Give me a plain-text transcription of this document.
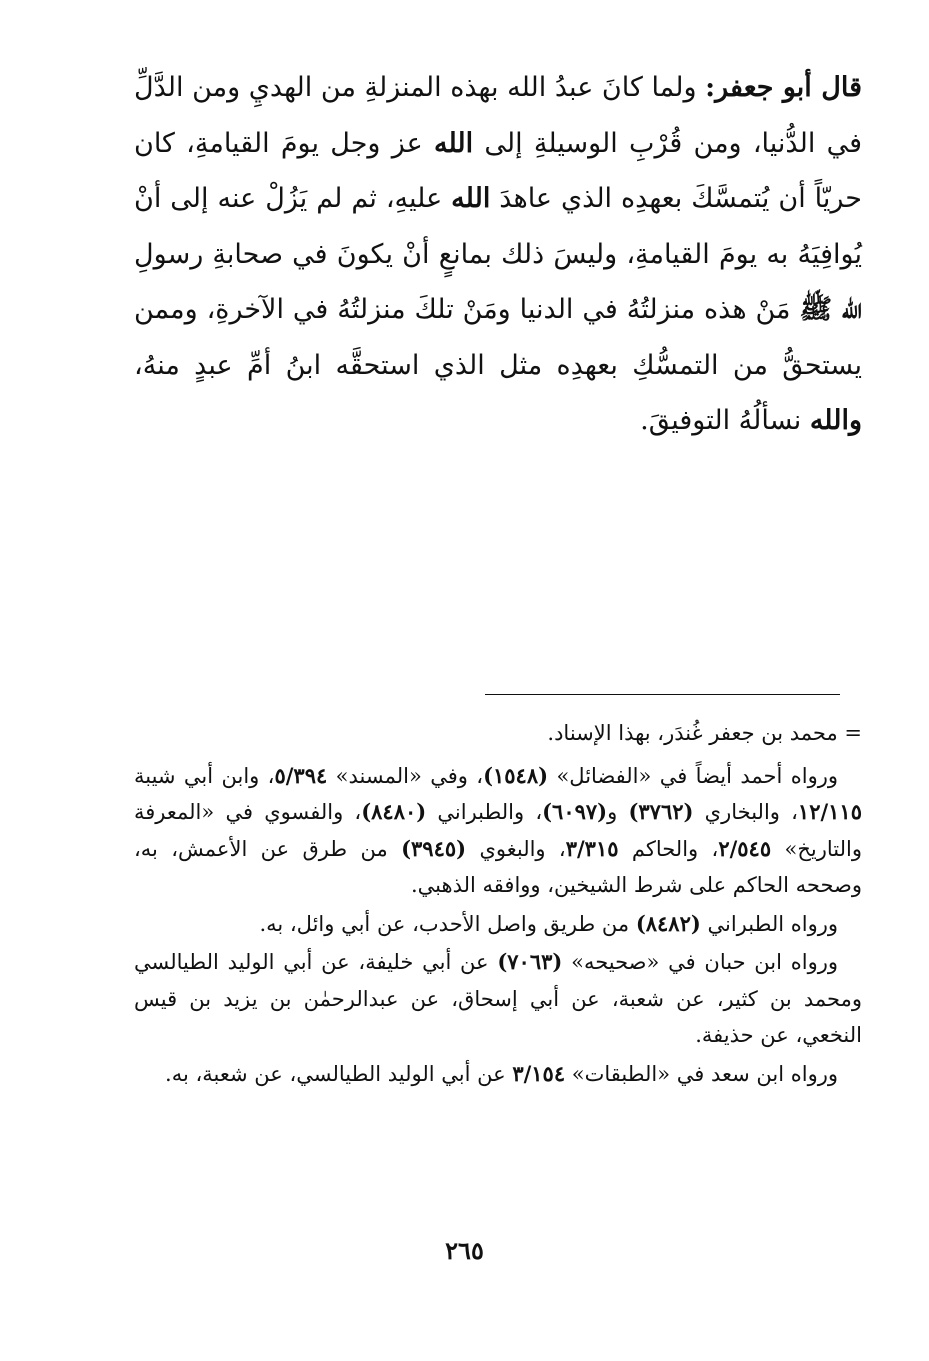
قال أبو جعفر: ولما كانَ عبدُ الله بهذه المنزلةِ من الهديِ ومن الدَّلِّ في الدُّنيا، ومن قُرْبِ الوسيلةِ إلى الله عز وجل يومَ القيامةِ، كان حريّاً أن يُتمسَّكَ بعهدِه الذي عاهدَ الله عليهِ، ثم لم يَزُلْ عنه إلى أنْ يُوافِيَهُ به يومَ القيامةِ، وليسَ ذلك بمانعٍ أنْ يكونَ في صحابةِ رسولِ الله ﷺ مَنْ هذه منزلتُهُ في الدنيا ومَنْ تلكَ منزلتُهُ في الآخرةِ، وممن يستحقُّ من التمسُّكِ بعهدِه مثل الذي استحقَّه ابنُ أمِّ عبدٍ منهُ، والله نسألُهُ التوفيقَ.

= محمد بن جعفر غُندَر، بهذا الإسناد.

ورواه أحمد أيضاً في «الفضائل» (١٥٤٨)، وفي «المسند» ٥/٣٩٤، وابن أبي شيبة ١٢/١١٥، والبخاري (٣٧٦٢) و(٦٠٩٧)، والطبراني (٨٤٨٠)، والفسوي في «المعرفة والتاريخ» ٢/٥٤٥، والحاكم ٣/٣١٥، والبغوي (٣٩٤٥) من طرق عن الأعمش، به، وصححه الحاكم على شرط الشيخين، ووافقه الذهبي.

ورواه الطبراني (٨٤٨٢) من طريق واصل الأحدب، عن أبي وائل، به.

ورواه ابن حبان في «صحيحه» (٧٠٦٣) عن أبي خليفة، عن أبي الوليد الطيالسي ومحمد بن كثير، عن شعبة، عن أبي إسحاق، عن عبدالرحمٰن بن يزيد بن قيس النخعي، عن حذيفة.

ورواه ابن سعد في «الطبقات» ٣/١٥٤ عن أبي الوليد الطيالسي، عن شعبة، به.

٢٦٥
